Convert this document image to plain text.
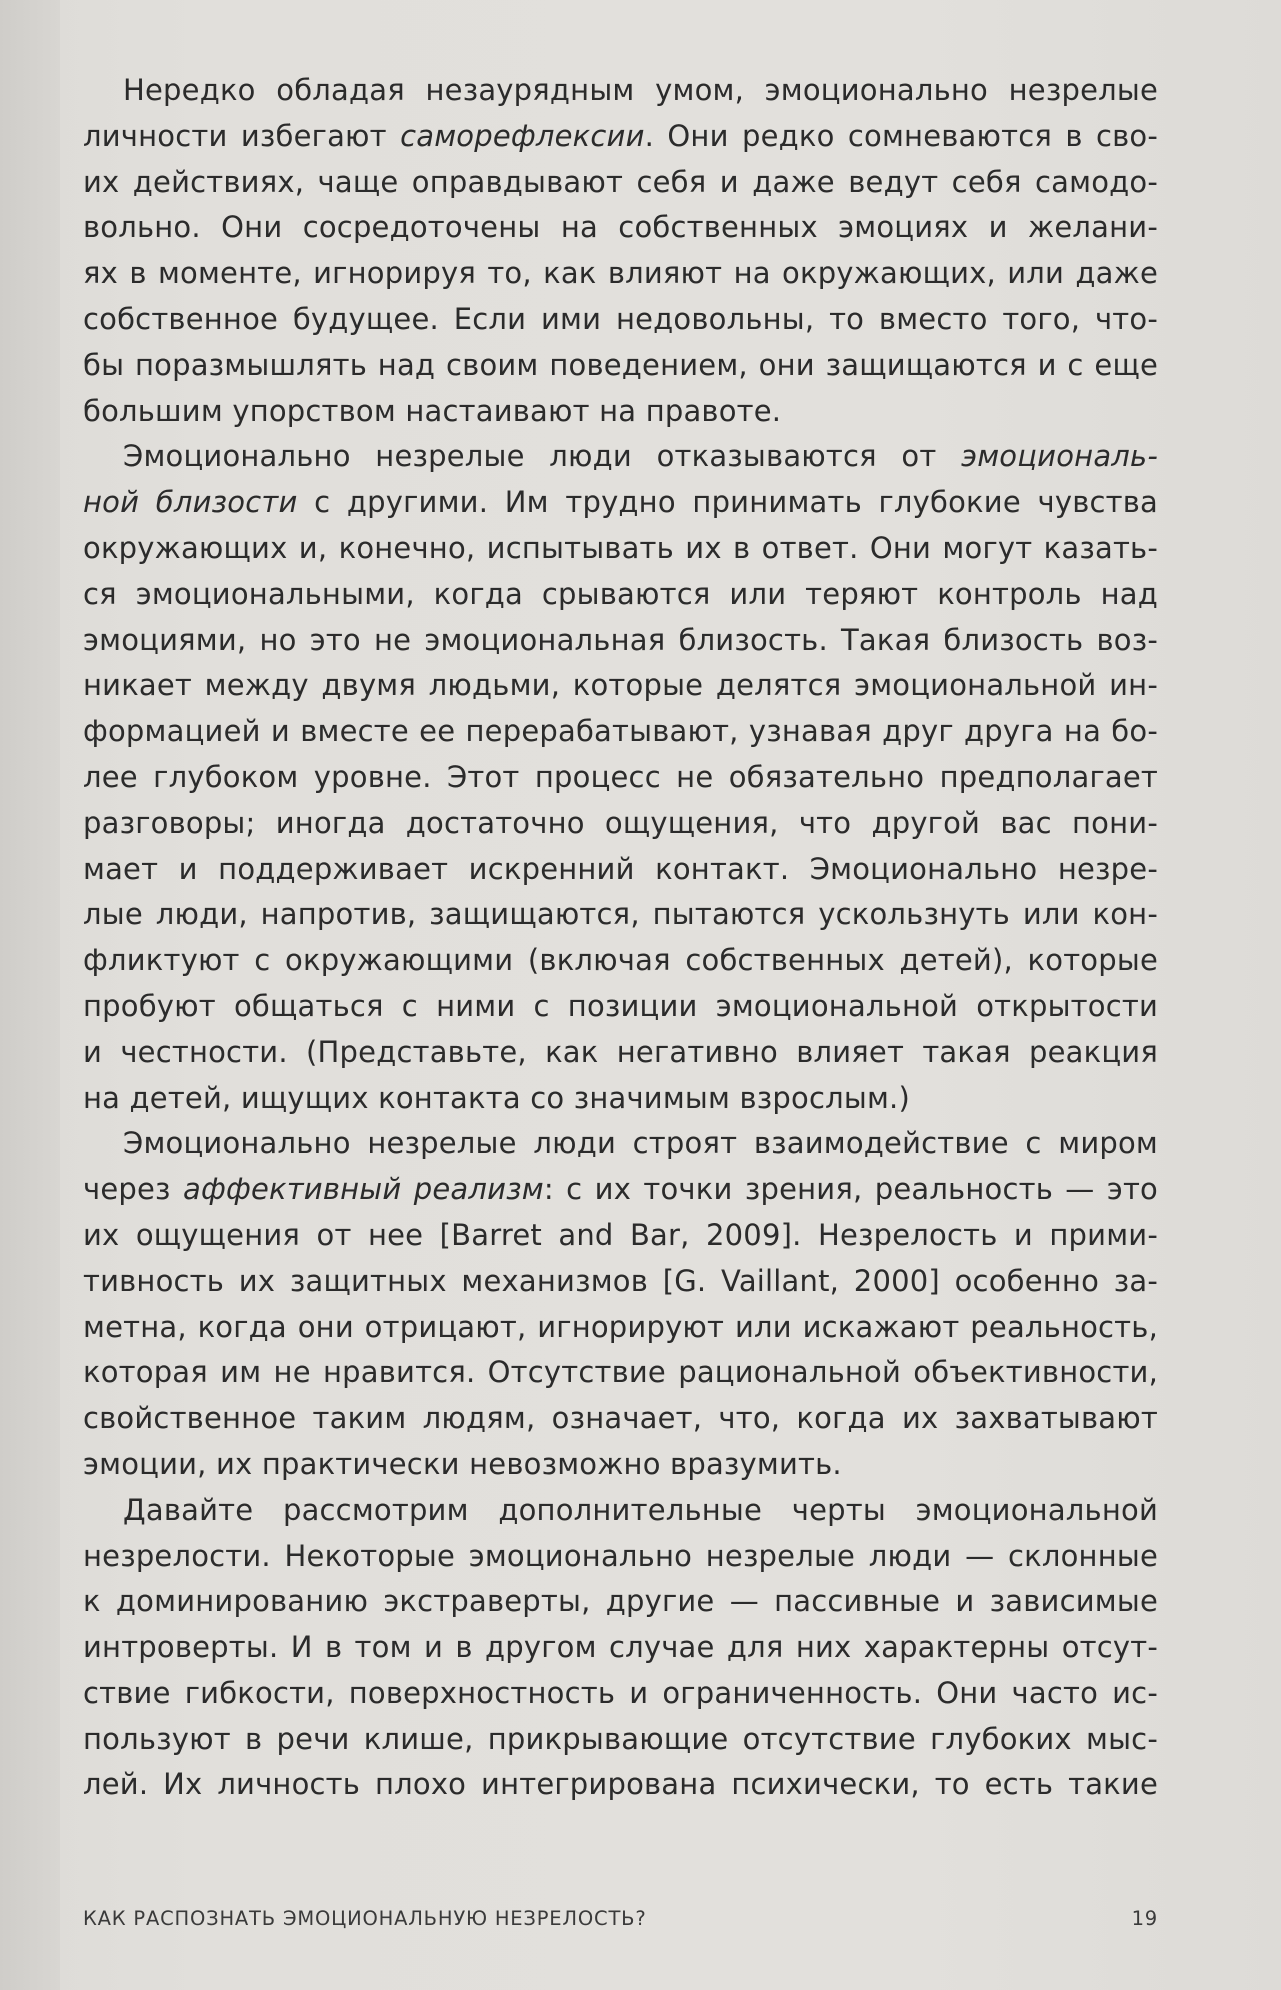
Нередко обладая незаурядным умом, эмоционально незрелые
личности избегают саморефлексии. Они редко сомневаются в сво-
их действиях, чаще оправдывают себя и даже ведут себя самодо-
вольно. Они сосредоточены на собственных эмоциях и желани-
ях в моменте, игнорируя то, как влияют на окружающих, или даже
собственное будущее. Если ими недовольны, то вместо того, что-
бы поразмышлять над своим поведением, они защищаются и с еще
большим упорством настаивают на правоте.
Эмоционально незрелые люди отказываются от эмоциональ-
ной близости с другими. Им трудно принимать глубокие чувства
окружающих и, конечно, испытывать их в ответ. Они могут казать-
ся эмоциональными, когда срываются или теряют контроль над
эмоциями, но это не эмоциональная близость. Такая близость воз-
никает между двумя людьми, которые делятся эмоциональной ин-
формацией и вместе ее перерабатывают, узнавая друг друга на бо-
лее глубоком уровне. Этот процесс не обязательно предполагает
разговоры; иногда достаточно ощущения, что другой вас пони-
мает и поддерживает искренний контакт. Эмоционально незре-
лые люди, напротив, защищаются, пытаются ускользнуть или кон-
фликтуют с окружающими (включая собственных детей), которые
пробуют общаться с ними с позиции эмоциональной открытости
и честности. (Представьте, как негативно влияет такая реакция
на детей, ищущих контакта со значимым взрослым.)
Эмоционально незрелые люди строят взаимодействие с миром
через аффективный реализм: с их точки зрения, реальность — это
их ощущения от нее [Barret and Bar, 2009]. Незрелость и прими-
тивность их защитных механизмов [G. Vaillant, 2000] особенно за-
метна, когда они отрицают, игнорируют или искажают реальность,
которая им не нравится. Отсутствие рациональной объективности,
свойственное таким людям, означает, что, когда их захватывают
эмоции, их практически невозможно вразумить.
Давайте рассмотрим дополнительные черты эмоциональной
незрелости. Некоторые эмоционально незрелые люди — склонные
к доминированию экстраверты, другие — пассивные и зависимые
интроверты. И в том и в другом случае для них характерны отсут-
ствие гибкости, поверхностность и ограниченность. Они часто ис-
пользуют в речи клише, прикрывающие отсутствие глубоких мыс-
лей. Их личность плохо интегрирована психически, то есть такие
КАК РАСПОЗНАТЬ ЭМОЦИОНАЛЬНУЮ НЕЗРЕЛОСТЬ?	19
